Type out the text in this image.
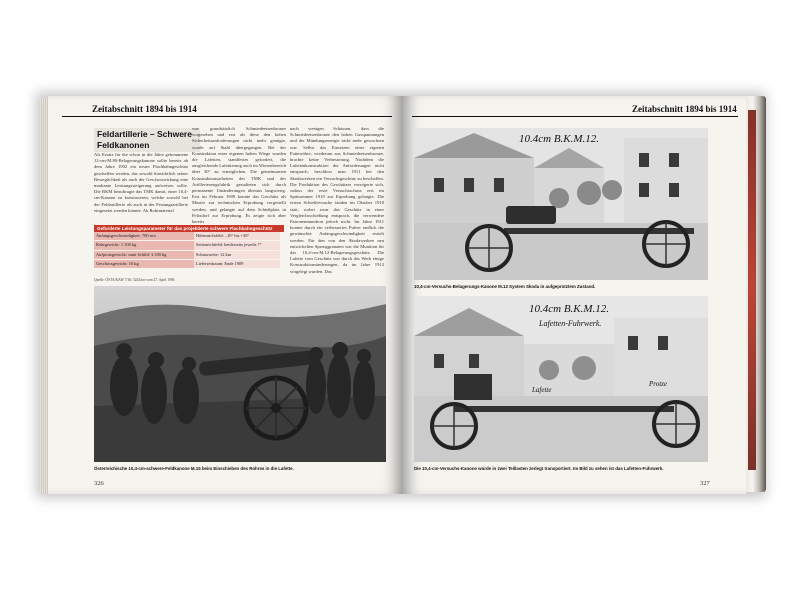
Zeitabschnitt 1894 bis 1914
Feldartillerie – Schwere Feldkanonen
Als Ersatz für die schon in die Jahre gekommene 12-cm-M.80-Belagerungskanone sollte bereits ab dem Jahre 1902 ein neues Flachbahngeschütz geschaffen werden, das sowohl hinsichtlich seiner Beweglichkeit als auch der Geschosswirkung eine markante Leistungssteigerung aufweisen sollte. Die RKM beauftragte das TMK damit, einer 10,4-cm-Kanone zu konstruieren, welche sowohl bei der Feldartillerie als auch in der Festungsartillerie eingesetzt werden könnte. Ab Rohrmaterial
war grundsätzlich Schmiedeeisenbronze vorgesehen und erst als diese den hohen Sicherheitsanforderungen nicht mehr genügte, wurde auf Stahl übergegangen. Bei der Konstruktion einer eigenen hohen Wiege wurden die Lafetten, standfestes gefordert, die ausgleichende Lafettierung auch im Wiesenbereich über 30° zu ermöglichen. Die gemeinsamen Konstruktionsarbeiten des TMK und der Artilleriezeugsfabrik gestalteten sich durch permanente Umänderungen überaus langwierig. Erst im Februar 1909 konnte das Geschütz als Muster zur technischen Erprobung vorgestellt werden, und gelangte auf dem Schießplatz in Felixdorf zur Erprobung. Es zeigte sich aber bereits
nach wenigen Schüssen, dass die Schmiedeeisenbronze den hohen Gasspannungen und der Mündungsenergie nicht mehr gewachsen war. Selbst das Einsetzen einer eigenen Futterröhre, wiederum aus Schmiedeeisenbronze, brachte keine Verbesserung. Nachdem die Lafettenkonstruktion der Anforderungen nicht entsprach, beschloss man 1911 bei den Skodawerken ein Versuchsgeschütz zu beschaffen. Die Produktion des Geschützes verzögerte sich, sodass der erste Versuchsschuss erst im Spätsommer 1910 zur Erprobung gelangte. Die ersten Schießversuche fanden im Oktober 1910 statt, wobei zwar das Geschütz in einer Vergleichsschießung entsprach, die verwendete Patronenmunition jedoch nicht. Im Jahre 1911 konnte durch ein verbessertes Pulver endlich die gewünschte Anfangsgeschwindigkeit erzielt werden. Für den von den Skodawerken neu entwickelten Sprenggranaten war die Munition für das 10,4-cm-M.12-Belagerungsgeschütz. Die Lafette vom Geschütz war durch das Werk einige Konstruktionsänderungen, da im Jahre 1912 vorgelegt wurden. Das
Geforderte Leistungsparameter für das projektierte schwere Flachbahngeschütz
Anfangsgeschwindigkeit: 700 m/s	Höhenrichtfeld: –10° bis +30°
Rohrgewicht: 1.100 kg	Seitenrichtfeld: beiderseits jeweils 7°
Aufprotzgewicht: samt Schild: 3.100 kg	Schussweite: 12 km
Geschossgewicht: 16 kg	Lieferzeitraum: Ende 1909
Quelle: ÖSTA/KAW 7/1b/ 3243/ins vom 27. April 1906
Österreichische 10,4-cm-schwere-Feldkanone M.15 beim Einschieben des Rohres in die Lafette.
326
Zeitabschnitt 1894 bis 1914
10.4cm B.K.M.12.
10,4-cm-Versuchs-Belagerungs-Kanone M.12 System Skoda in aufgeprotztem Zustand.
10.4cm B.K.M.12.
Lafetten-Fuhrwerk.
Lafette
Protze
Die 10,4-cm-Versuchs-Kanone wurde in zwei Teillasten zerlegt transportiert. Im Bild zu sehen ist das Lafetten-Fuhrwerk.
327
